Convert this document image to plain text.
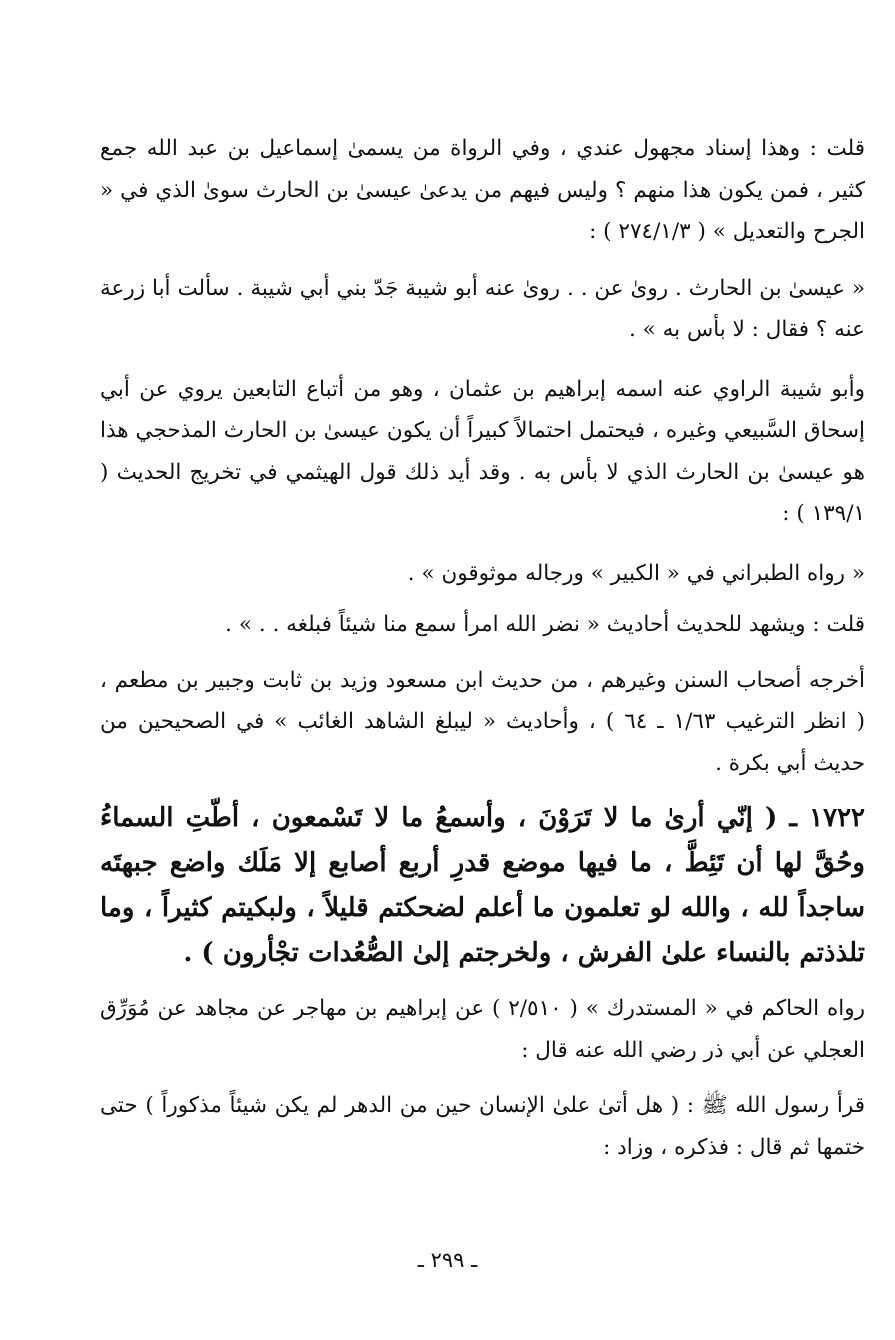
قلت : وهذا إسناد مجهول عندي ، وفي الرواة من يسمىٰ إسماعيل بن عبد الله جمع كثير ، فمن يكون هذا منهم ؟ وليس فيهم من يدعىٰ عيسىٰ بن الحارث سوىٰ الذي في « الجرح والتعديل » ( ٢٧٤/١/٣ ) :

« عيسىٰ بن الحارث . روىٰ عن . . روىٰ عنه أبو شيبة جَدّ بني أبي شيبة . سألت أبا زرعة عنه ؟ فقال : لا بأس به » .

وأبو شيبة الراوي عنه اسمه إبراهيم بن عثمان ، وهو من أتباع التابعين يروي عن أبي إسحاق السَّبيعي وغيره ، فيحتمل احتمالاً كبيراً أن يكون عيسىٰ بن الحارث المذحجي هذا هو عيسىٰ بن الحارث الذي لا بأس به . وقد أيد ذلك قول الهيثمي في تخريج الحديث ( ١٣٩/١ ) :

« رواه الطبراني في « الكبير » ورجاله موثوقون » .

قلت : ويشهد للحديث أحاديث « نضر الله امرأ سمع منا شيئاً فبلغه . . » .

أخرجه أصحاب السنن وغيرهم ، من حديث ابن مسعود وزيد بن ثابت وجبير بن مطعم ، ( انظر الترغيب ١/٦٣ ـ ٦٤ ) ، وأحاديث « ليبلغ الشاهد الغائب » في الصحيحين من حديث أبي بكرة .

١٧٢٢ ـ ( إنّي أرىٰ ما لا تَرَوْنَ ، وأسمعُ ما لا تَسْمعون ، أطّتِ السماءُ وحُقَّ لها أن تَئِطَّ ، ما فيها موضع قدرِ أربع أصابع إلا مَلَك واضع جبهتَه ساجداً لله ، والله لو تعلمون ما أعلم لضحكتم قليلاً ، ولبكيتم كثيراً ، وما تلذذتم بالنساء علىٰ الفرش ، ولخرجتم إلىٰ الصُّعُدات تجْأرون ) .

رواه الحاكم في « المستدرك » ( ٢/٥١٠ ) عن إبراهيم بن مهاجر عن مجاهد عن مُوَرِّق العجلي عن أبي ذر رضي الله عنه قال :

قرأ رسول الله ﷺ : ( هل أتىٰ علىٰ الإنسان حين من الدهر لم يكن شيئاً مذكوراً ) حتى ختمها ثم قال : فذكره ، وزاد :

ـ ٢٩٩ ـ
